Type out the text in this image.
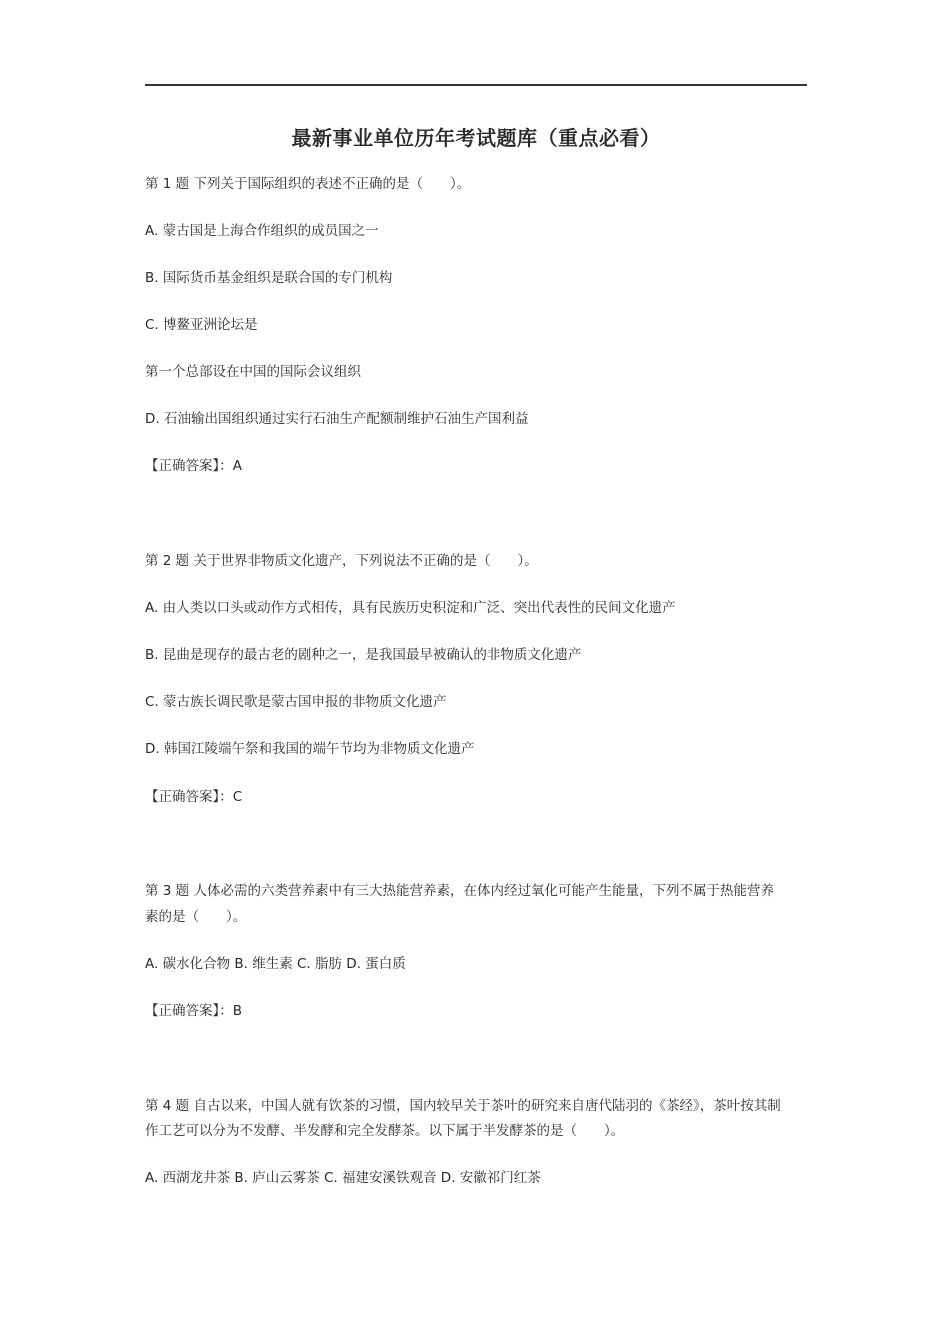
最新事业单位历年考试题库（重点必看）
第 1 题 下列关于国际组织的表述不正确的是（　　）。
A. 蒙古国是上海合作组织的成员国之一
B. 国际货币基金组织是联合国的专门机构
C. 博鳌亚洲论坛是
第一个总部设在中国的国际会议组织
D. 石油输出国组织通过实行石油生产配额制维护石油生产国利益
【正确答案】：A
第 2 题 关于世界非物质文化遗产，下列说法不正确的是（　　）。
A. 由人类以口头或动作方式相传，具有民族历史积淀和广泛、突出代表性的民间文化遗产
B. 昆曲是现存的最古老的剧种之一，是我国最早被确认的非物质文化遗产
C. 蒙古族长调民歌是蒙古国申报的非物质文化遗产
D. 韩国江陵端午祭和我国的端午节均为非物质文化遗产
【正确答案】：C
第 3 题 人体必需的六类营养素中有三大热能营养素，在体内经过氧化可能产生能量，下列不属于热能营养
素的是（　　）。
A. 碳水化合物 B. 维生素 C. 脂肪 D. 蛋白质
【正确答案】：B
第 4 题 自古以来，中国人就有饮茶的习惯，国内较早关于茶叶的研究来自唐代陆羽的《茶经》，茶叶按其制
作工艺可以分为不发酵、半发酵和完全发酵茶。以下属于半发酵茶的是（　　）。
A. 西湖龙井茶 B. 庐山云雾茶 C. 福建安溪铁观音 D. 安徽祁门红茶
